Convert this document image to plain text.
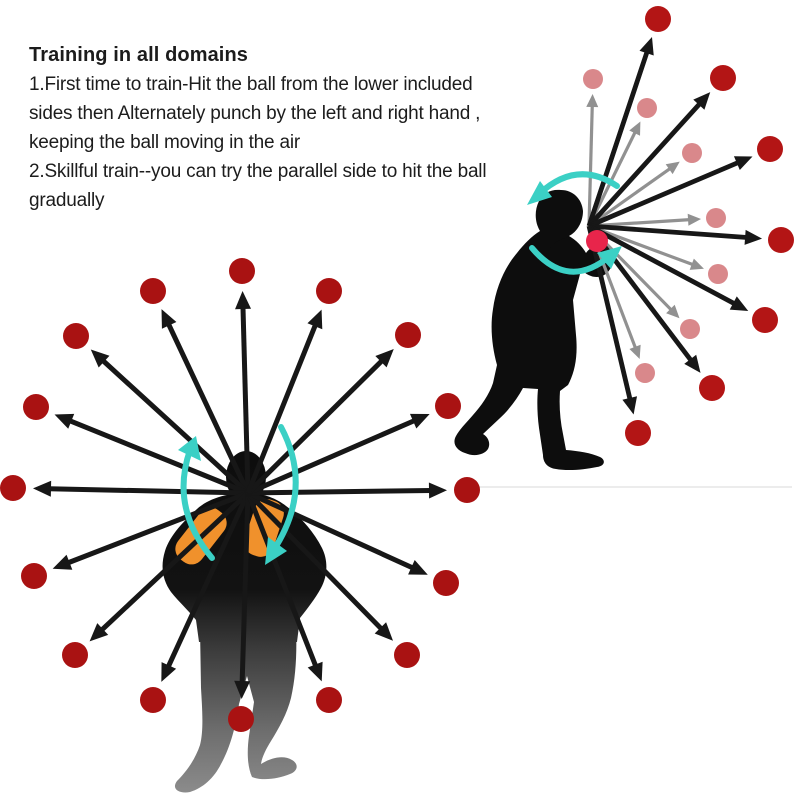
Training in all domains
1.First time to train-Hit the ball from the lower included
sides then Alternately punch by the left and right hand ,
keeping the ball moving in the air
2.Skillful train--you can try the parallel side to hit the ball
gradually
